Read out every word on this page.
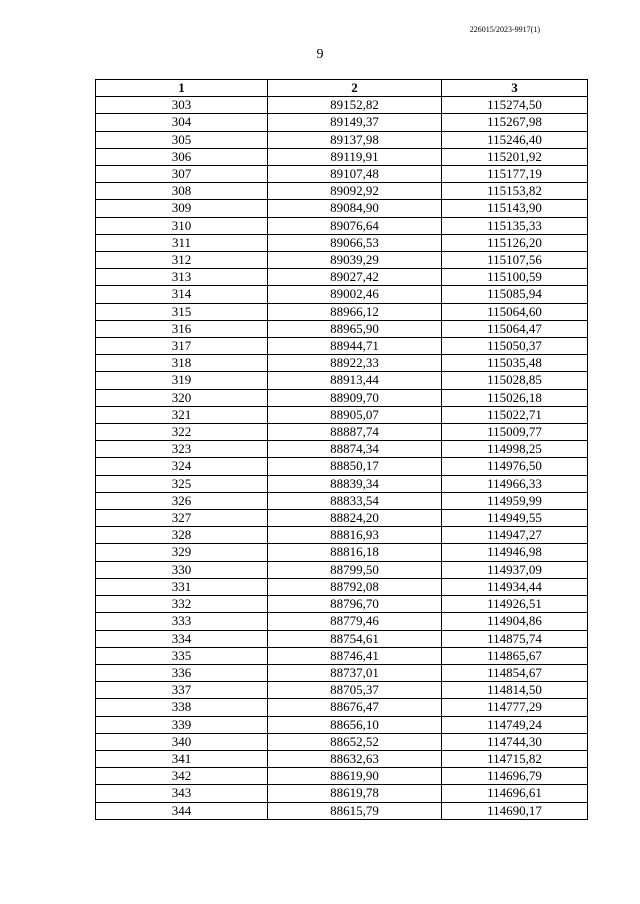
226015/2023-9917(1)
9
1	2	3
303	89152,82	115274,50
304	89149,37	115267,98
305	89137,98	115246,40
306	89119,91	115201,92
307	89107,48	115177,19
308	89092,92	115153,82
309	89084,90	115143,90
310	89076,64	115135,33
311	89066,53	115126,20
312	89039,29	115107,56
313	89027,42	115100,59
314	89002,46	115085,94
315	88966,12	115064,60
316	88965,90	115064,47
317	88944,71	115050,37
318	88922,33	115035,48
319	88913,44	115028,85
320	88909,70	115026,18
321	88905,07	115022,71
322	88887,74	115009,77
323	88874,34	114998,25
324	88850,17	114976,50
325	88839,34	114966,33
326	88833,54	114959,99
327	88824,20	114949,55
328	88816,93	114947,27
329	88816,18	114946,98
330	88799,50	114937,09
331	88792,08	114934,44
332	88796,70	114926,51
333	88779,46	114904,86
334	88754,61	114875,74
335	88746,41	114865,67
336	88737,01	114854,67
337	88705,37	114814,50
338	88676,47	114777,29
339	88656,10	114749,24
340	88652,52	114744,30
341	88632,63	114715,82
342	88619,90	114696,79
343	88619,78	114696,61
344	88615,79	114690,17
